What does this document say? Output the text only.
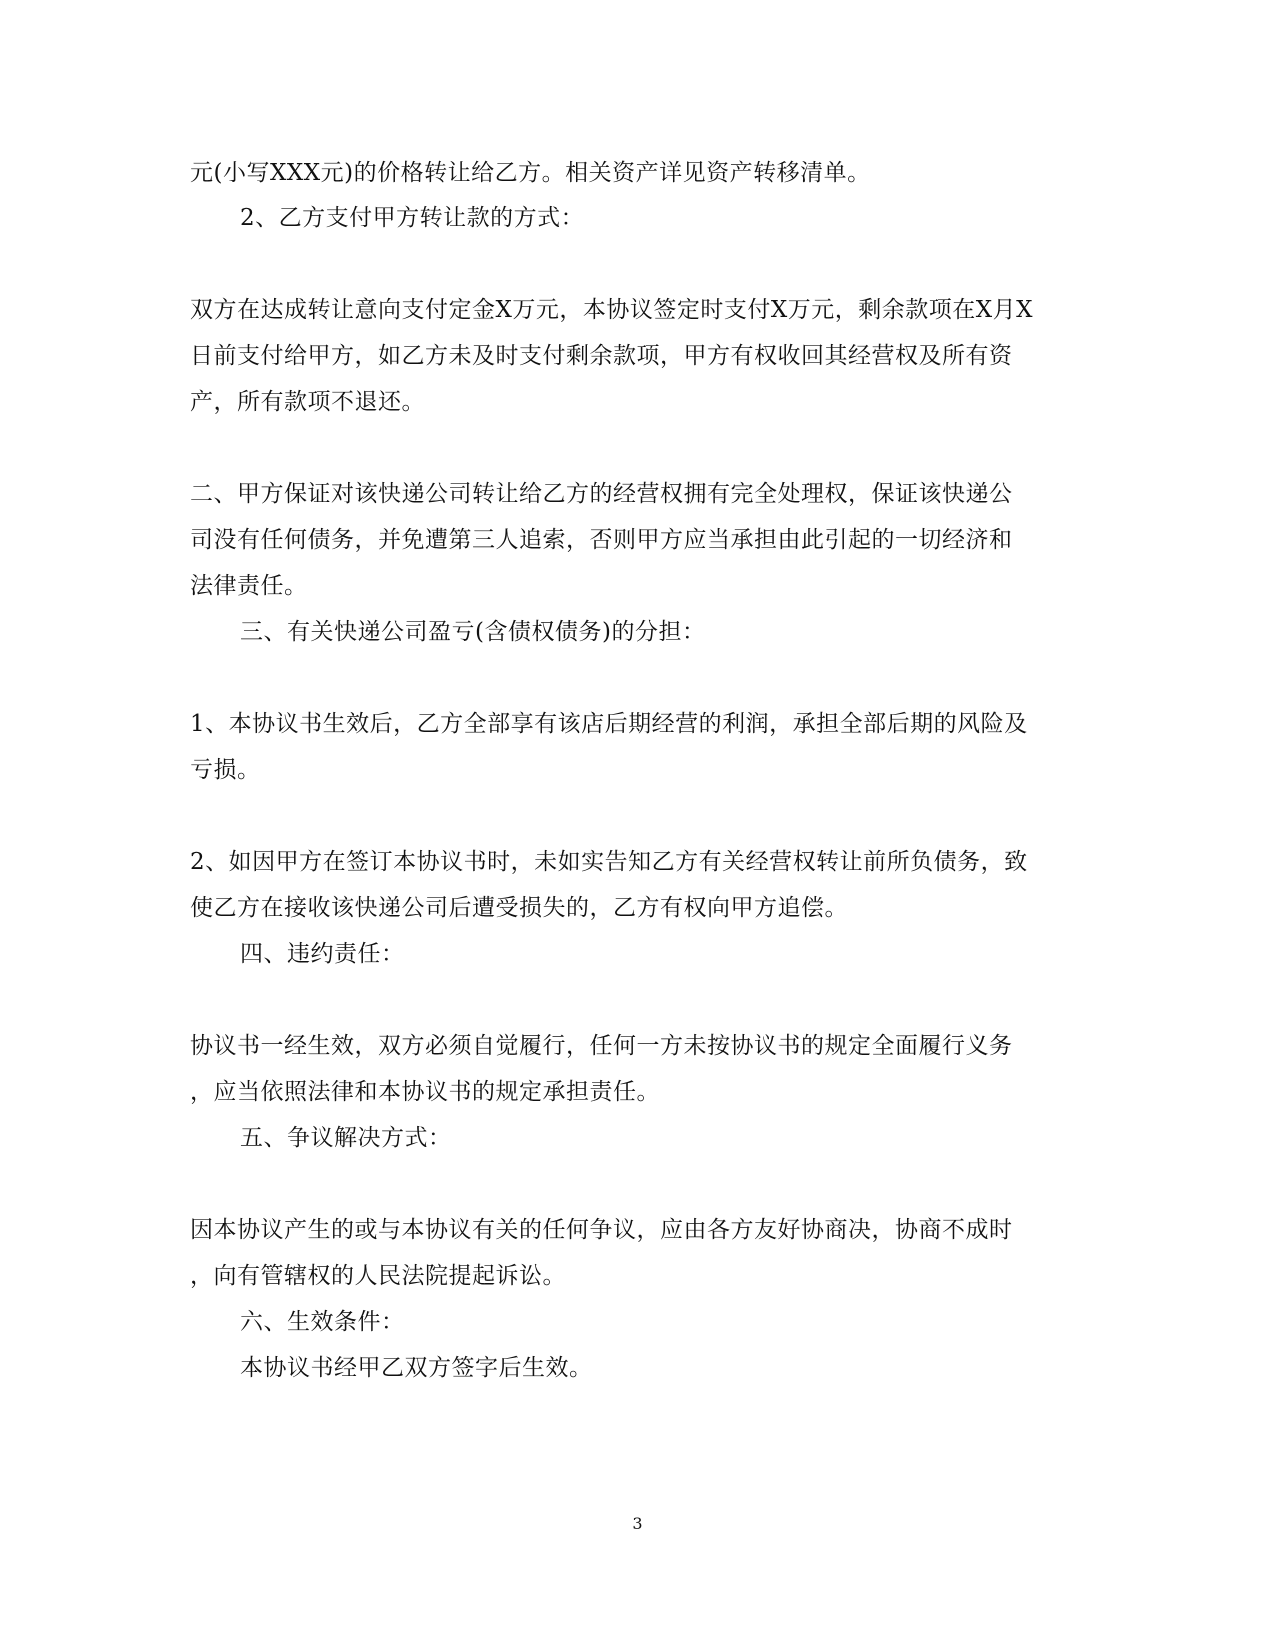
元(小写XXX元)的价格转让给乙方。相关资产详见资产转移清单。
2、乙方支付甲方转让款的方式：
双方在达成转让意向支付定金X万元，本协议签定时支付X万元，剩余款项在X月X
日前支付给甲方，如乙方未及时支付剩余款项，甲方有权收回其经营权及所有资
产，所有款项不退还。
二、甲方保证对该快递公司转让给乙方的经营权拥有完全处理权，保证该快递公
司没有任何债务，并免遭第三人追索，否则甲方应当承担由此引起的一切经济和
法律责任。
三、有关快递公司盈亏(含债权债务)的分担：
1、本协议书生效后，乙方全部享有该店后期经营的利润，承担全部后期的风险及
亏损。
2、如因甲方在签订本协议书时，未如实告知乙方有关经营权转让前所负债务，致
使乙方在接收该快递公司后遭受损失的，乙方有权向甲方追偿。
四、违约责任：
协议书一经生效，双方必须自觉履行，任何一方未按协议书的规定全面履行义务
，应当依照法律和本协议书的规定承担责任。
五、争议解决方式：
因本协议产生的或与本协议有关的任何争议，应由各方友好协商决，协商不成时
，向有管辖权的人民法院提起诉讼。
六、生效条件：
本协议书经甲乙双方签字后生效。
3
